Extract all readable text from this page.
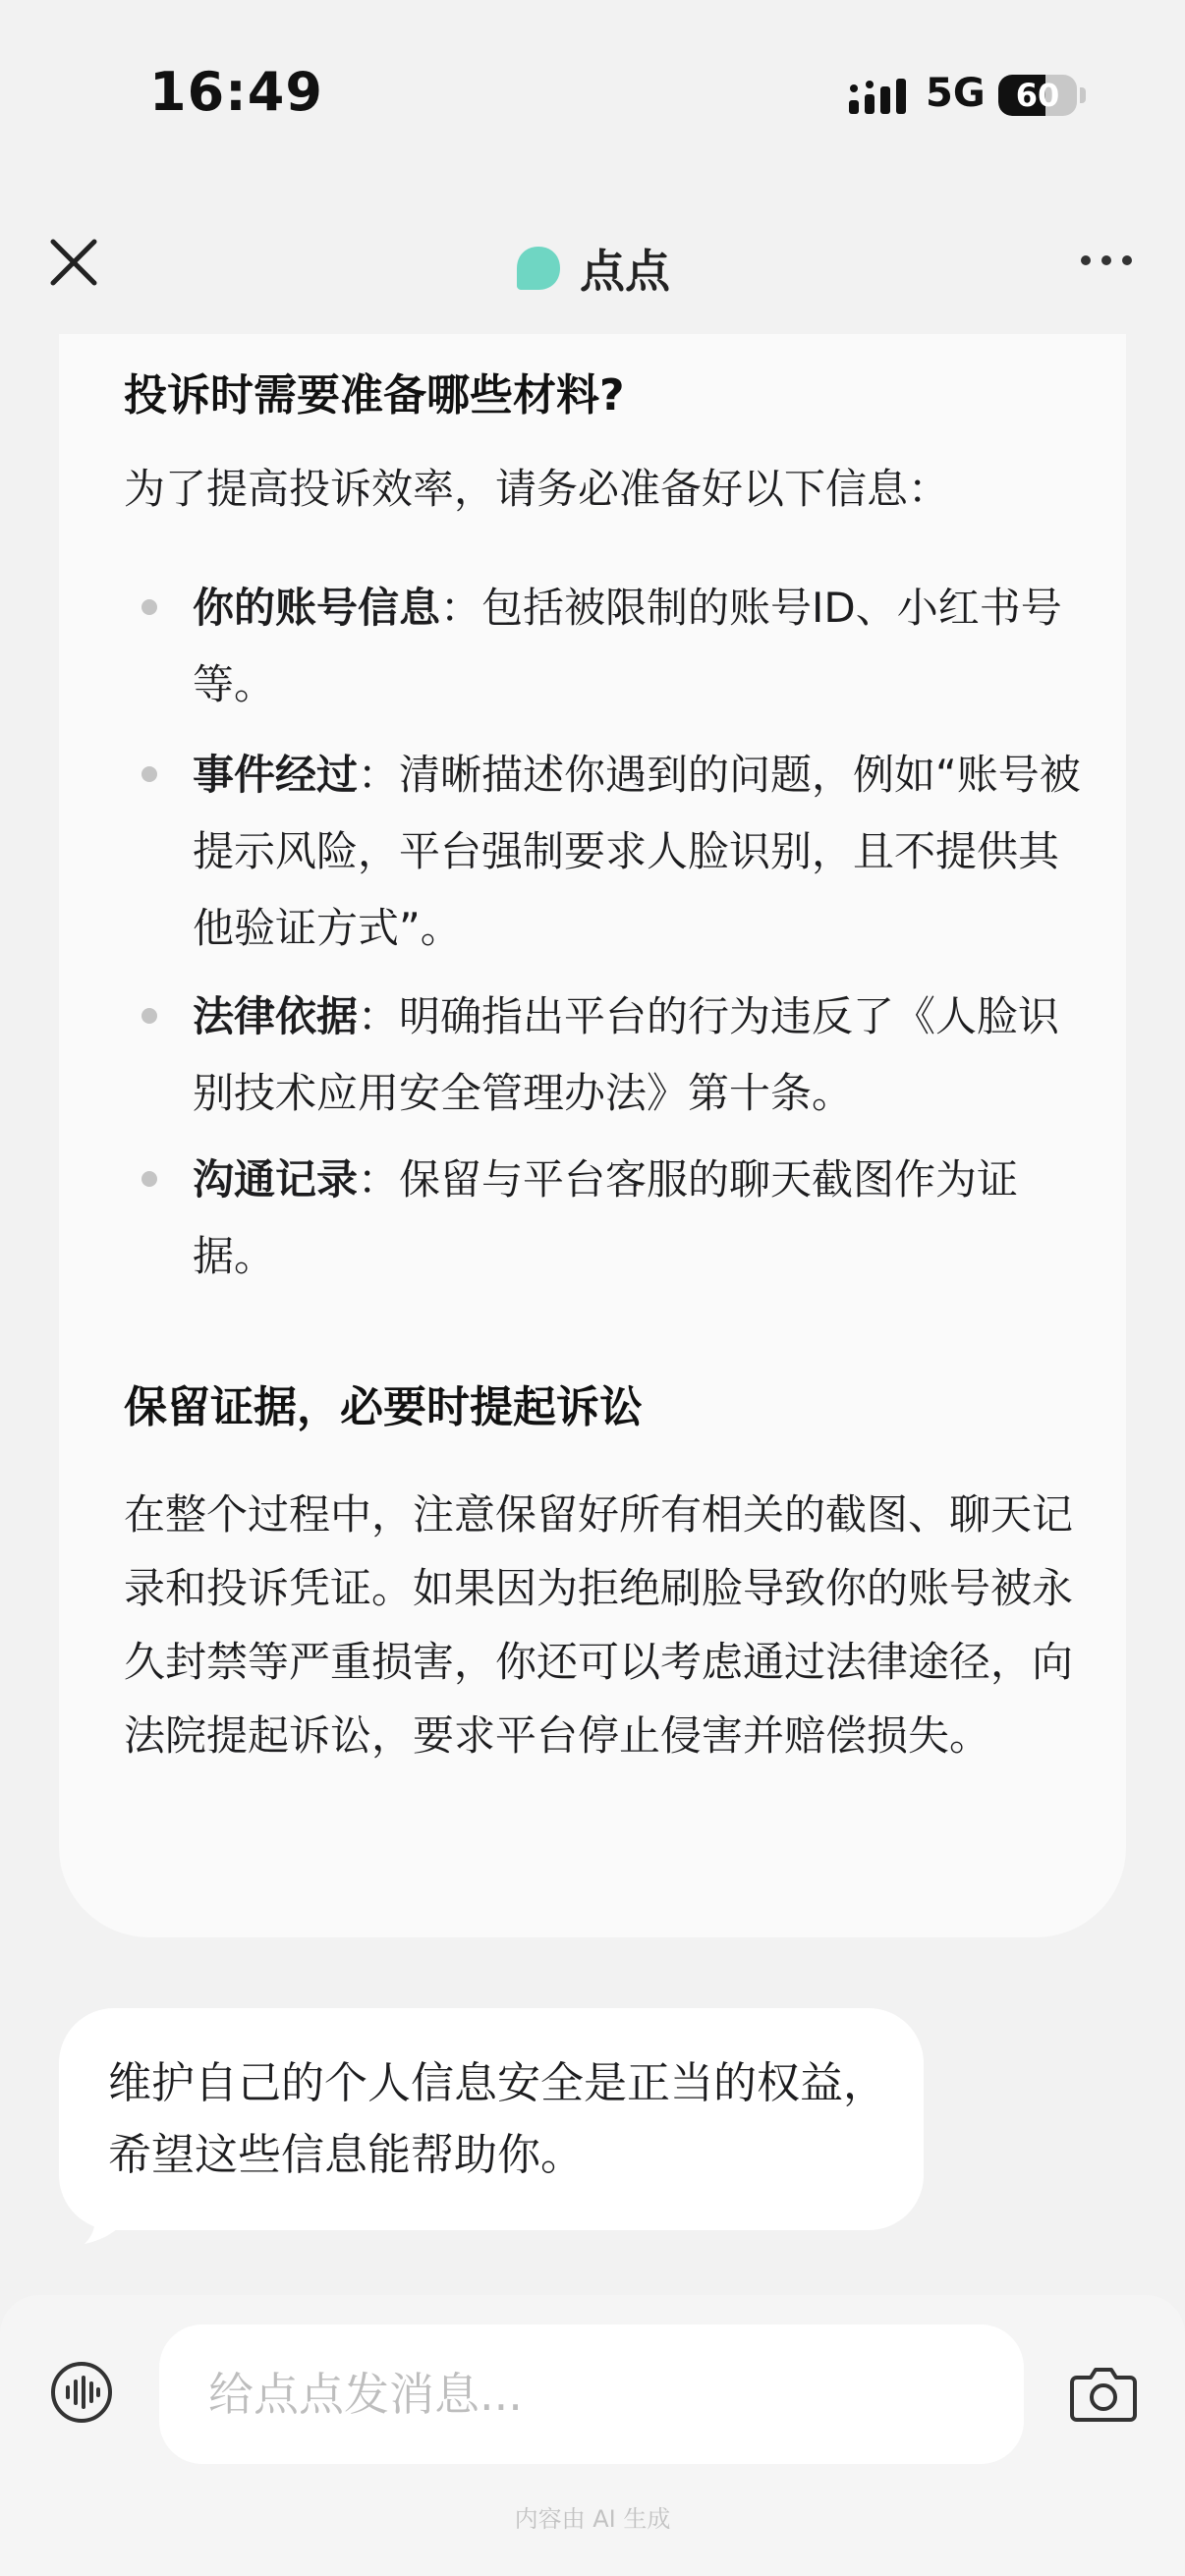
16:49	5G 60
点点
投诉时需要准备哪些材料?
为了提高投诉效率，请务必准备好以下信息：
你的账号信息：包括被限制的账号ID、小红书号等。
事件经过：清晰描述你遇到的问题，例如“账号被提示风险，平台强制要求人脸识别，且不提供其他验证方式”。
法律依据：明确指出平台的行为违反了《人脸识别技术应用安全管理办法》第十条。
沟通记录：保留与平台客服的聊天截图作为证据。
保留证据，必要时提起诉讼
在整个过程中，注意保留好所有相关的截图、聊天记录和投诉凭证。如果因为拒绝刷脸导致你的账号被永久封禁等严重损害，你还可以考虑通过法律途径，向法院提起诉讼，要求平台停止侵害并赔偿损失。
维护自己的个人信息安全是正当的权益，希望这些信息能帮助你。
给点点发消息...
内容由 AI 生成
